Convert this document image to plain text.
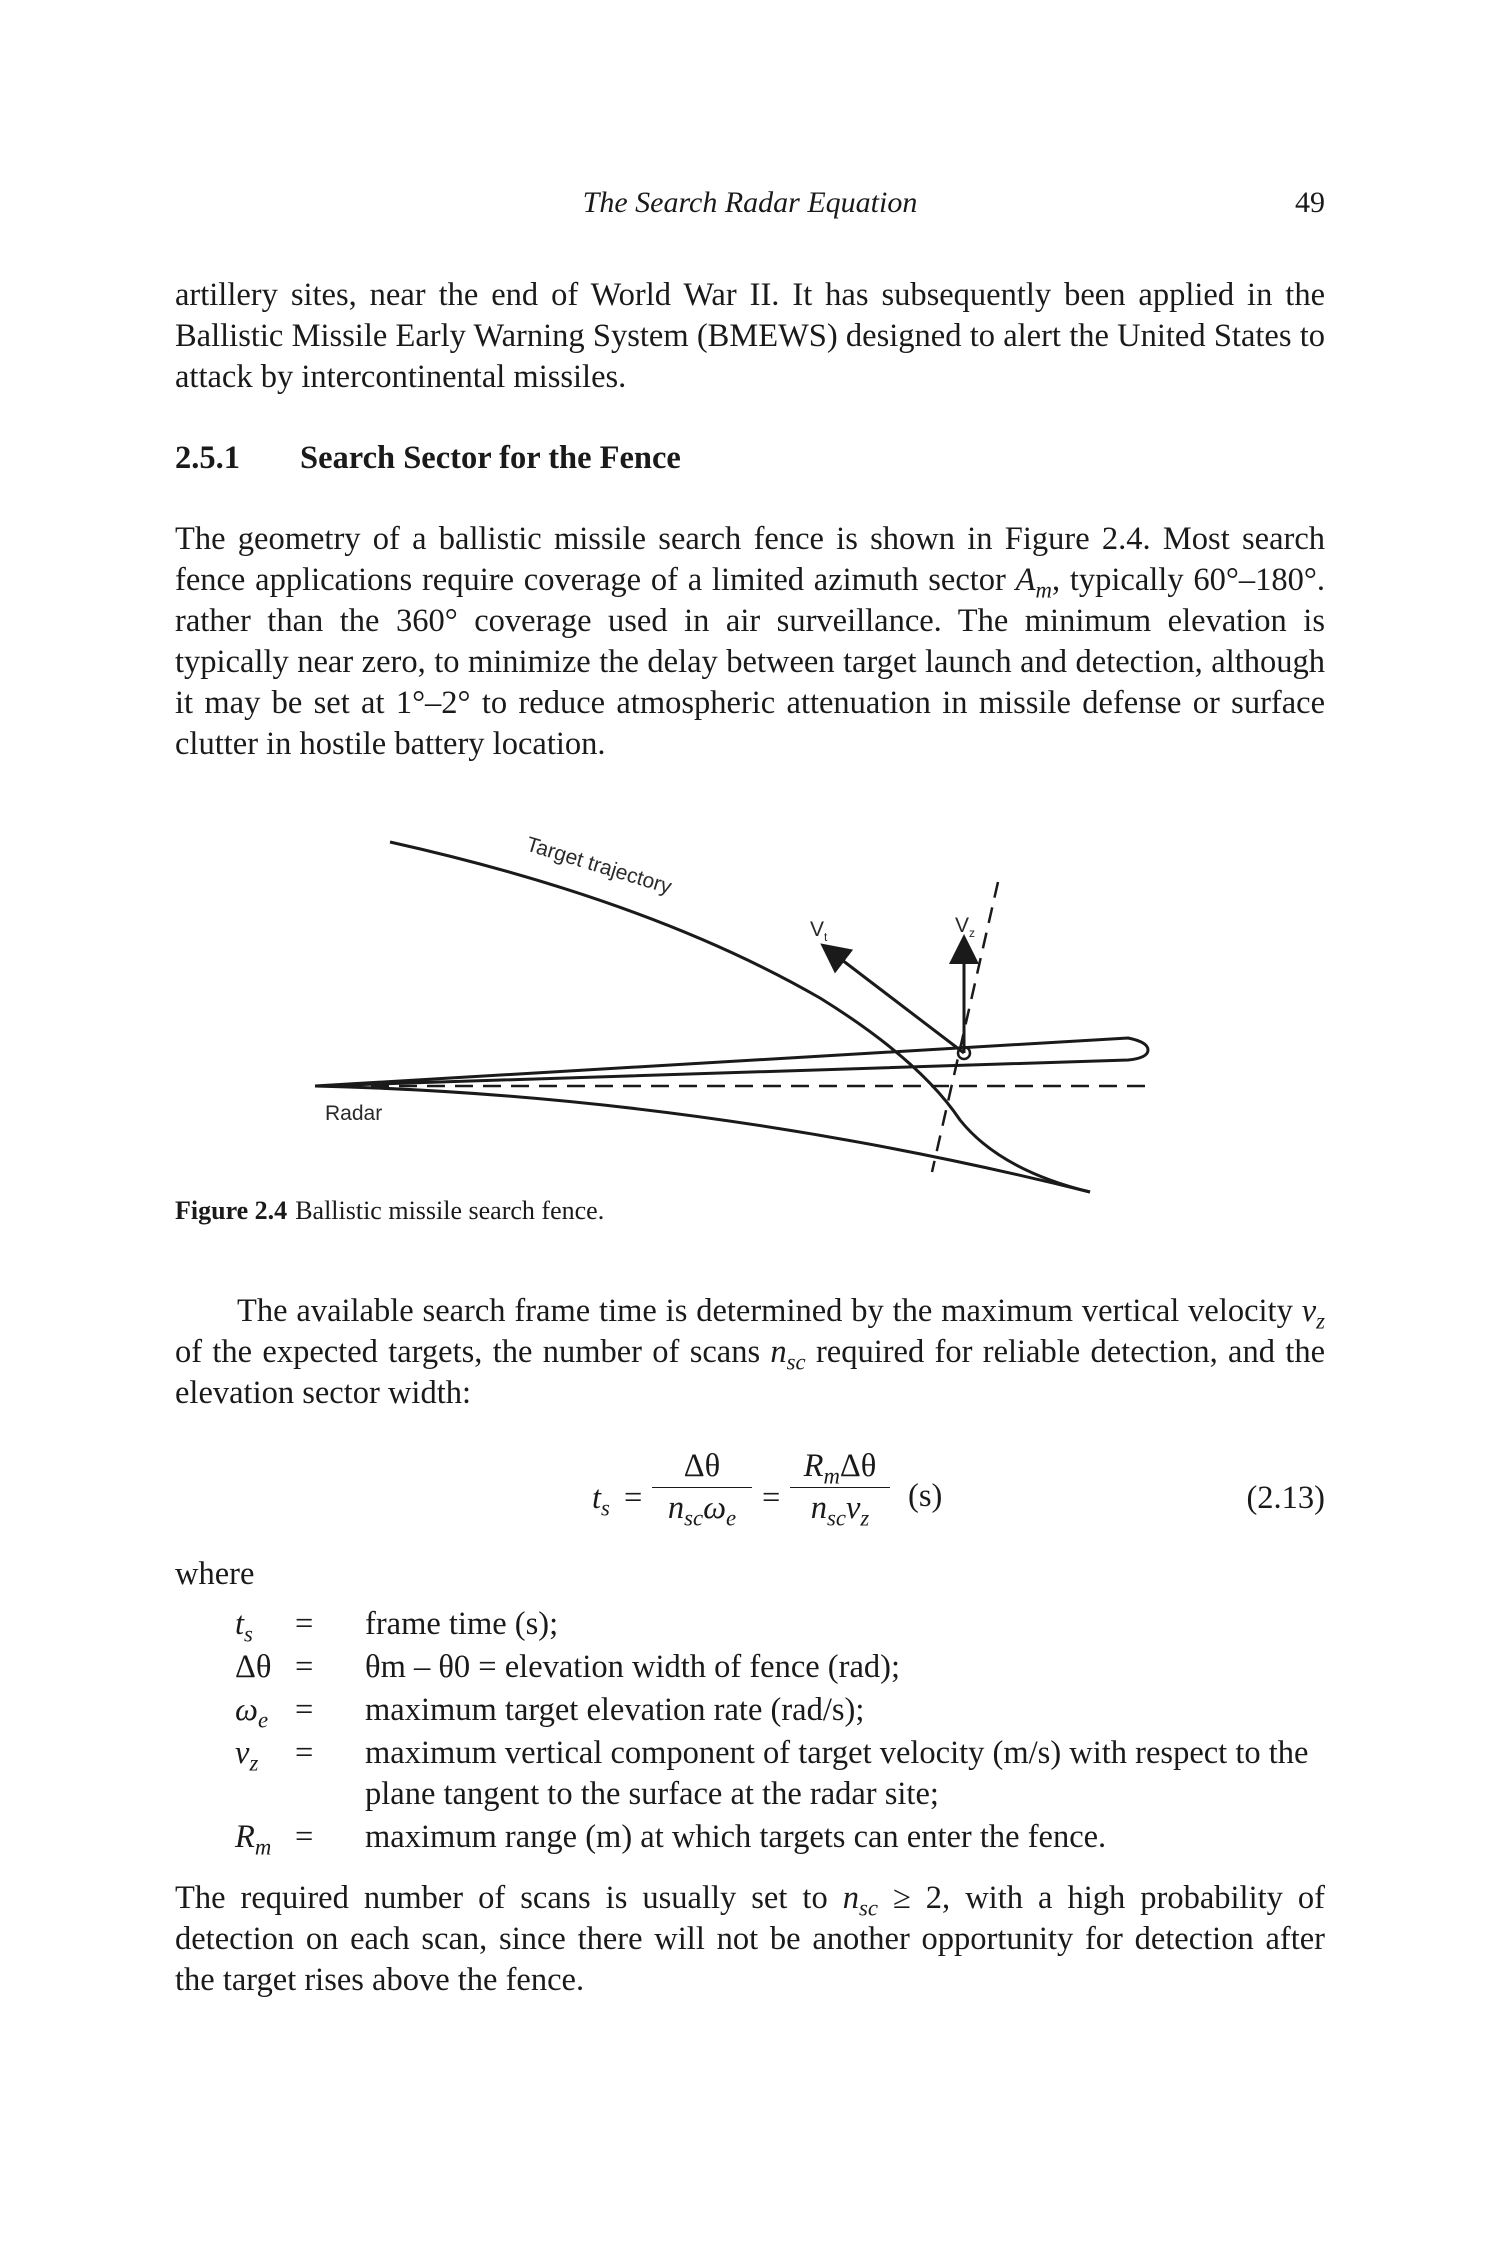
The Search Radar Equation	49

artillery sites, near the end of World War II. It has subsequently been applied in the Ballistic Missile Early Warning System (BMEWS) designed to alert the United States to attack by intercontinental missiles.

2.5.1 Search Sector for the Fence

The geometry of a ballistic missile search fence is shown in Figure 2.4. Most search fence applications require coverage of a limited azimuth sector $A_m$, typically 60°–180°. rather than the 360° coverage used in air surveillance. The minimum elevation is typically near zero, to minimize the delay between target launch and detection, although it may be set at 1°–2° to reduce atmospheric attenuation in missile defense or surface clutter in hostile battery location.

Target trajectory
Radar
$V_t$	$V_z$
Figure 2.4 Ballistic missile search fence.

The available search frame time is determined by the maximum vertical velocity $v_z$ of the expected targets, the number of scans $n_{sc}$ required for reliable detection, and the elevation sector width:

$t_s$ =
Δθ
$n_{sc}\omega_e$
=
$R_m\Delta\theta$
$n_{sc}v_z$
(s)	(2.13)
where
$t_s$	= frame time (s);
Δθ = θm – θ0 = elevation width of fence (rad);
$\omega_e$ = maximum target elevation rate (rad/s);
$v_z$	= maximum vertical component of target velocity (m/s) with respect to the plane tangent to the surface at the radar site;
$R_m$ = maximum range (m) at which targets can enter the fence.

The required number of scans is usually set to $n_{sc} \ge 2$, with a high probability of detection on each scan, since there will not be another opportunity for detection after the target rises above the fence.
